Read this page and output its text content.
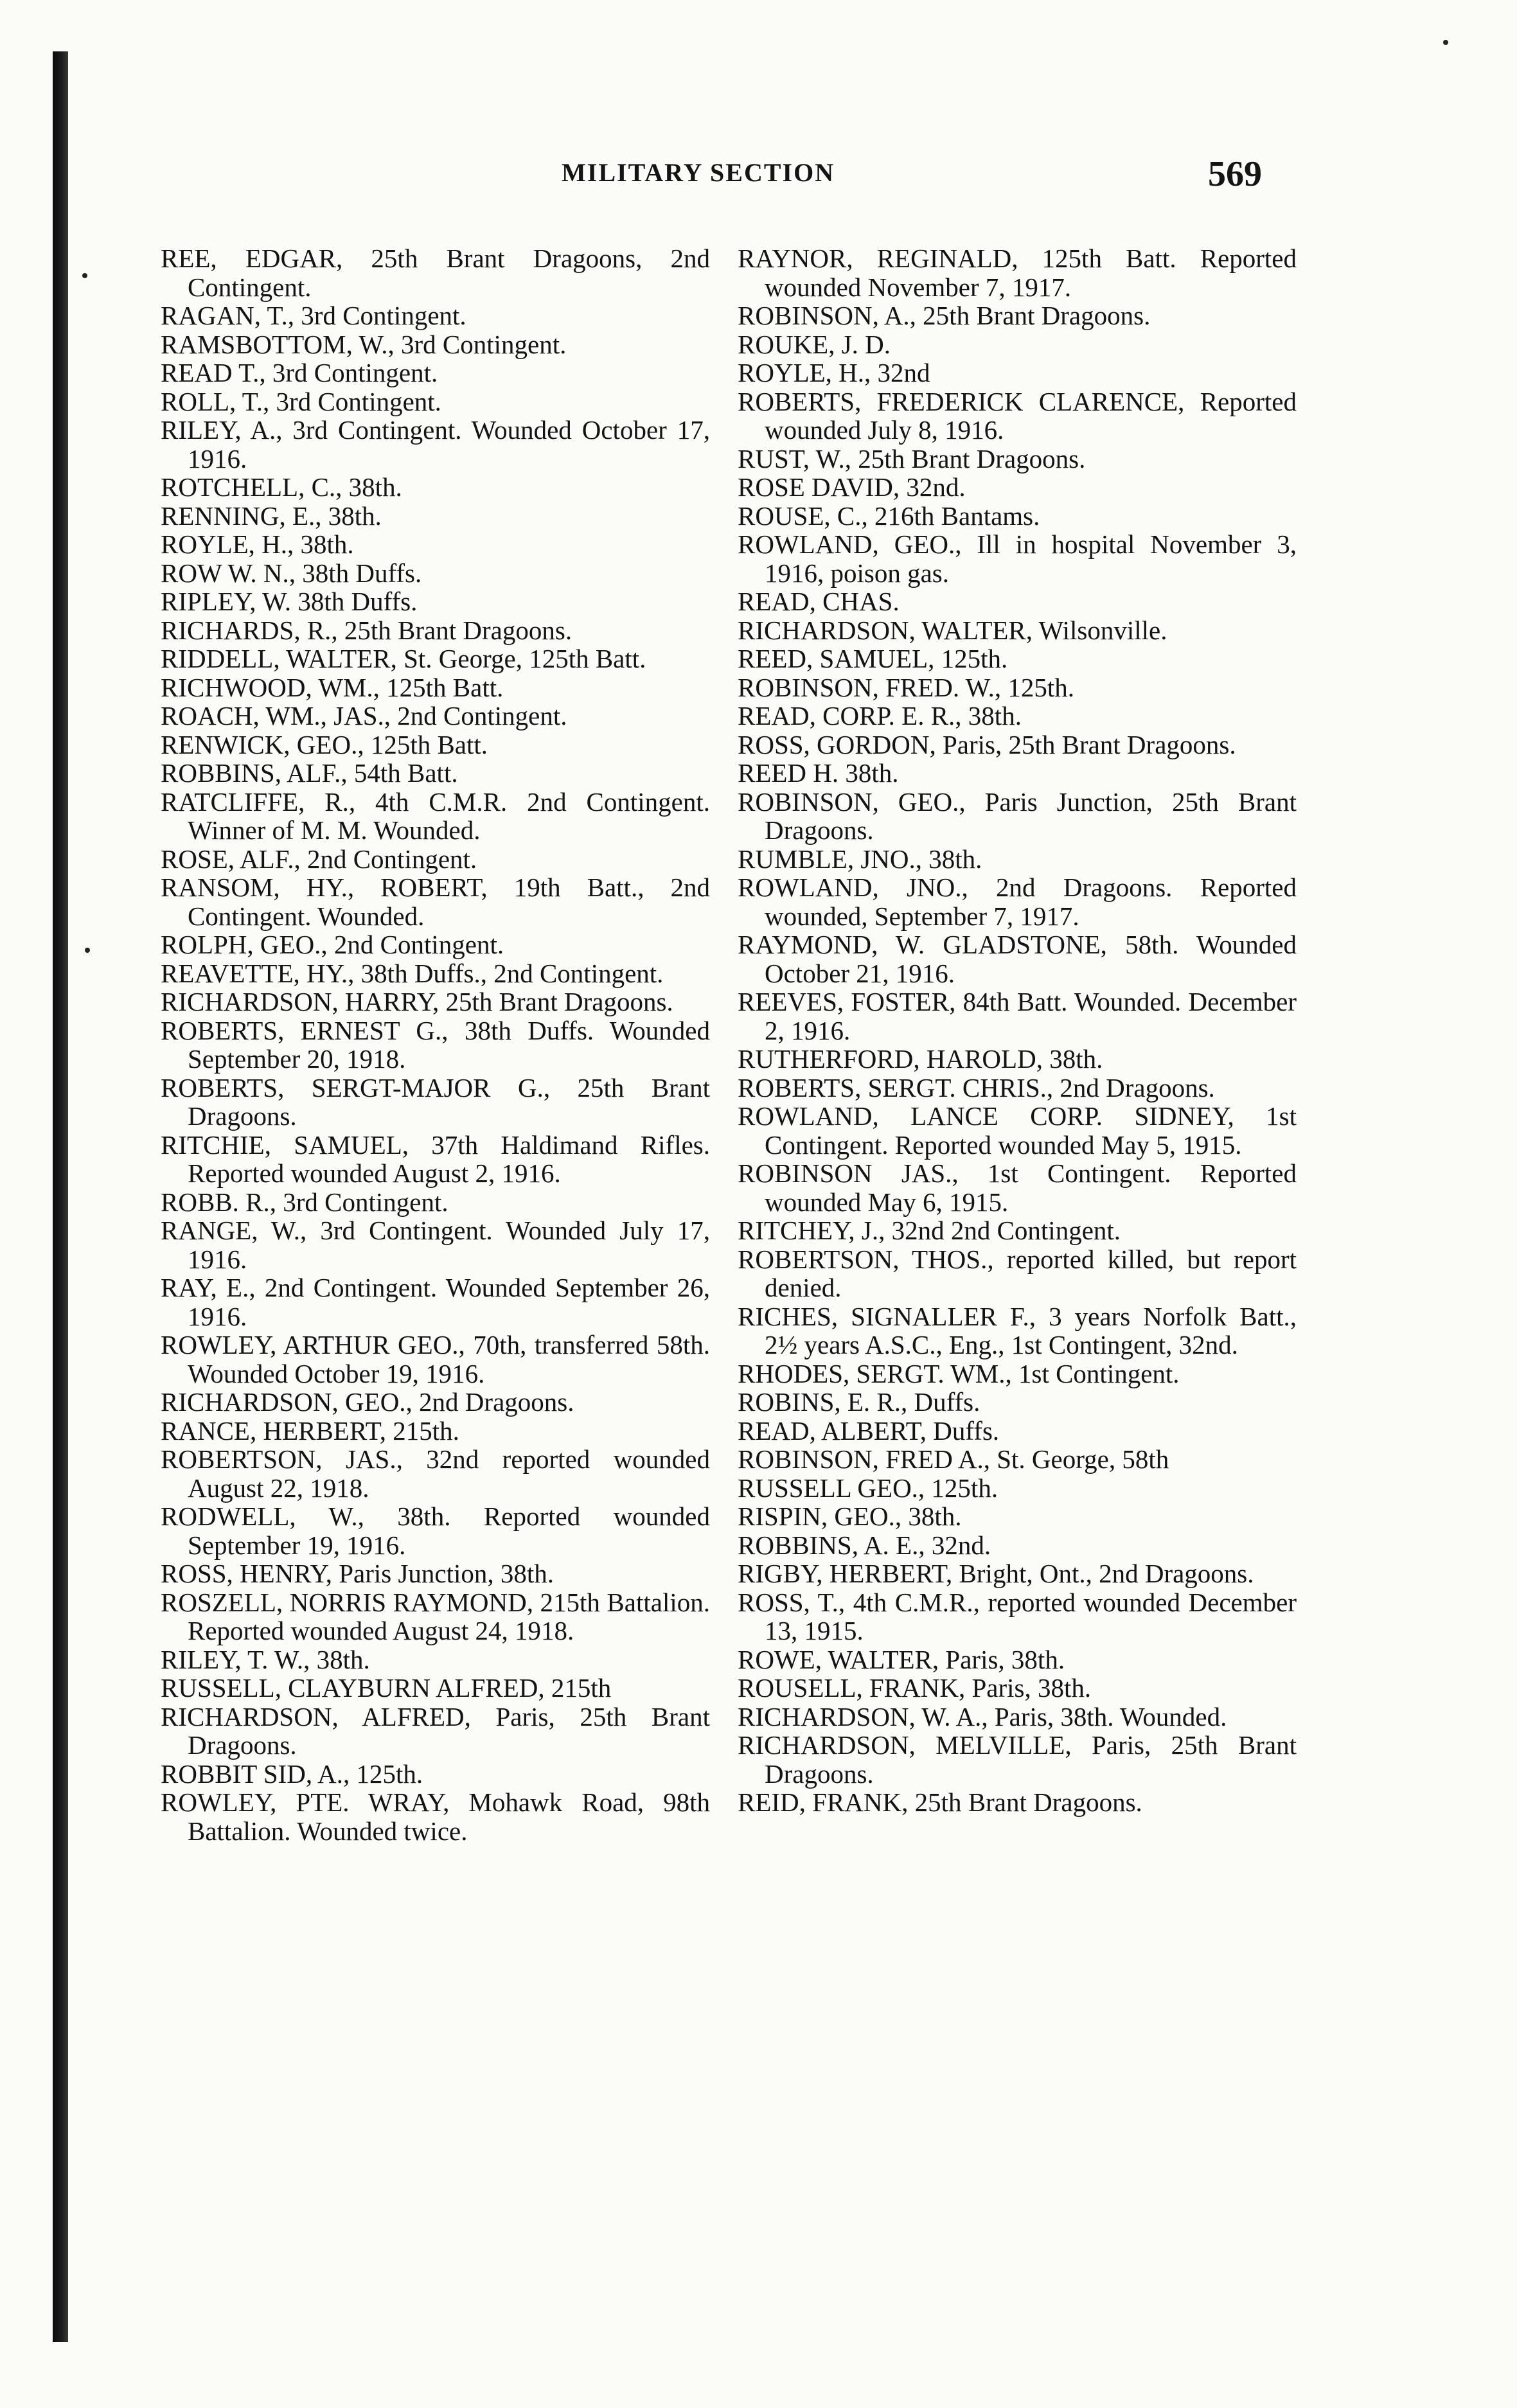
MILITARY SECTION	569

REE, EDGAR, 25th Brant Dragoons, 2nd Contingent.

RAGAN, T., 3rd Contingent.

RAMSBOTTOM, W., 3rd Contingent.

READ T., 3rd Contingent.

ROLL, T., 3rd Contingent.

RILEY, A., 3rd Contingent. Wounded October 17, 1916.

ROTCHELL, C., 38th.

RENNING, E., 38th.

ROYLE, H., 38th.

ROW W. N., 38th Duffs.

RIPLEY, W. 38th Duffs.

RICHARDS, R., 25th Brant Dragoons.

RIDDELL, WALTER, St. George, 125th Batt.

RICHWOOD, WM., 125th Batt.

ROACH, WM., JAS., 2nd Contingent.

RENWICK, GEO., 125th Batt.

ROBBINS, ALF., 54th Batt.

RATCLIFFE, R., 4th C.M.R. 2nd Contingent. Winner of M. M. Wounded.

ROSE, ALF., 2nd Contingent.

RANSOM, HY., ROBERT, 19th Batt., 2nd Contingent. Wounded.

ROLPH, GEO., 2nd Contingent.

REAVETTE, HY., 38th Duffs., 2nd Contingent.

RICHARDSON, HARRY, 25th Brant Dragoons.

ROBERTS, ERNEST G., 38th Duffs. Wounded September 20, 1918.

ROBERTS, SERGT-MAJOR G., 25th Brant Dragoons.

RITCHIE, SAMUEL, 37th Haldimand Rifles. Reported wounded August 2, 1916.

ROBB. R., 3rd Contingent.

RANGE, W., 3rd Contingent. Wounded July 17, 1916.

RAY, E., 2nd Contingent. Wounded September 26, 1916.

ROWLEY, ARTHUR GEO., 70th, transferred 58th. Wounded October 19, 1916.

RICHARDSON, GEO., 2nd Dragoons.

RANCE, HERBERT, 215th.

ROBERTSON, JAS., 32nd reported wounded August 22, 1918.

RODWELL, W., 38th. Reported wounded September 19, 1916.

ROSS, HENRY, Paris Junction, 38th.

ROSZELL, NORRIS RAYMOND, 215th Battalion. Reported wounded August 24, 1918.

RILEY, T. W., 38th.

RUSSELL, CLAYBURN ALFRED, 215th

RICHARDSON, ALFRED, Paris, 25th Brant Dragoons.

ROBBIT SID, A., 125th.

ROWLEY, PTE. WRAY, Mohawk Road, 98th Battalion. Wounded twice.

RAYNOR, REGINALD, 125th Batt. Reported wounded November 7, 1917.

ROBINSON, A., 25th Brant Dragoons.

ROUKE, J. D.

ROYLE, H., 32nd

ROBERTS, FREDERICK CLARENCE, Reported wounded July 8, 1916.

RUST, W., 25th Brant Dragoons.

ROSE DAVID, 32nd.

ROUSE, C., 216th Bantams.

ROWLAND, GEO., Ill in hospital November 3, 1916, poison gas.

READ, CHAS.

RICHARDSON, WALTER, Wilsonville.

REED, SAMUEL, 125th.

ROBINSON, FRED. W., 125th.

READ, CORP. E. R., 38th.

ROSS, GORDON, Paris, 25th Brant Dragoons.

REED H. 38th.

ROBINSON, GEO., Paris Junction, 25th Brant Dragoons.

RUMBLE, JNO., 38th.

ROWLAND, JNO., 2nd Dragoons. Reported wounded, September 7, 1917.

RAYMOND, W. GLADSTONE, 58th. Wounded October 21, 1916.

REEVES, FOSTER, 84th Batt. Wounded. December 2, 1916.

RUTHERFORD, HAROLD, 38th.

ROBERTS, SERGT. CHRIS., 2nd Dragoons.

ROWLAND, LANCE CORP. SIDNEY, 1st Contingent. Reported wounded May 5, 1915.

ROBINSON JAS., 1st Contingent. Reported wounded May 6, 1915.

RITCHEY, J., 32nd 2nd Contingent.

ROBERTSON, THOS., reported killed, but report denied.

RICHES, SIGNALLER F., 3 years Norfolk Batt., 2½ years A.S.C., Eng., 1st Contingent, 32nd.

RHODES, SERGT. WM., 1st Contingent.

ROBINS, E. R., Duffs.

READ, ALBERT, Duffs.

ROBINSON, FRED A., St. George, 58th

RUSSELL GEO., 125th.

RISPIN, GEO., 38th.

ROBBINS, A. E., 32nd.

RIGBY, HERBERT, Bright, Ont., 2nd Dragoons.

ROSS, T., 4th C.M.R., reported wounded December 13, 1915.

ROWE, WALTER, Paris, 38th.

ROUSELL, FRANK, Paris, 38th.

RICHARDSON, W. A., Paris, 38th. Wounded.

RICHARDSON, MELVILLE, Paris, 25th Brant Dragoons.

REID, FRANK, 25th Brant Dragoons.
